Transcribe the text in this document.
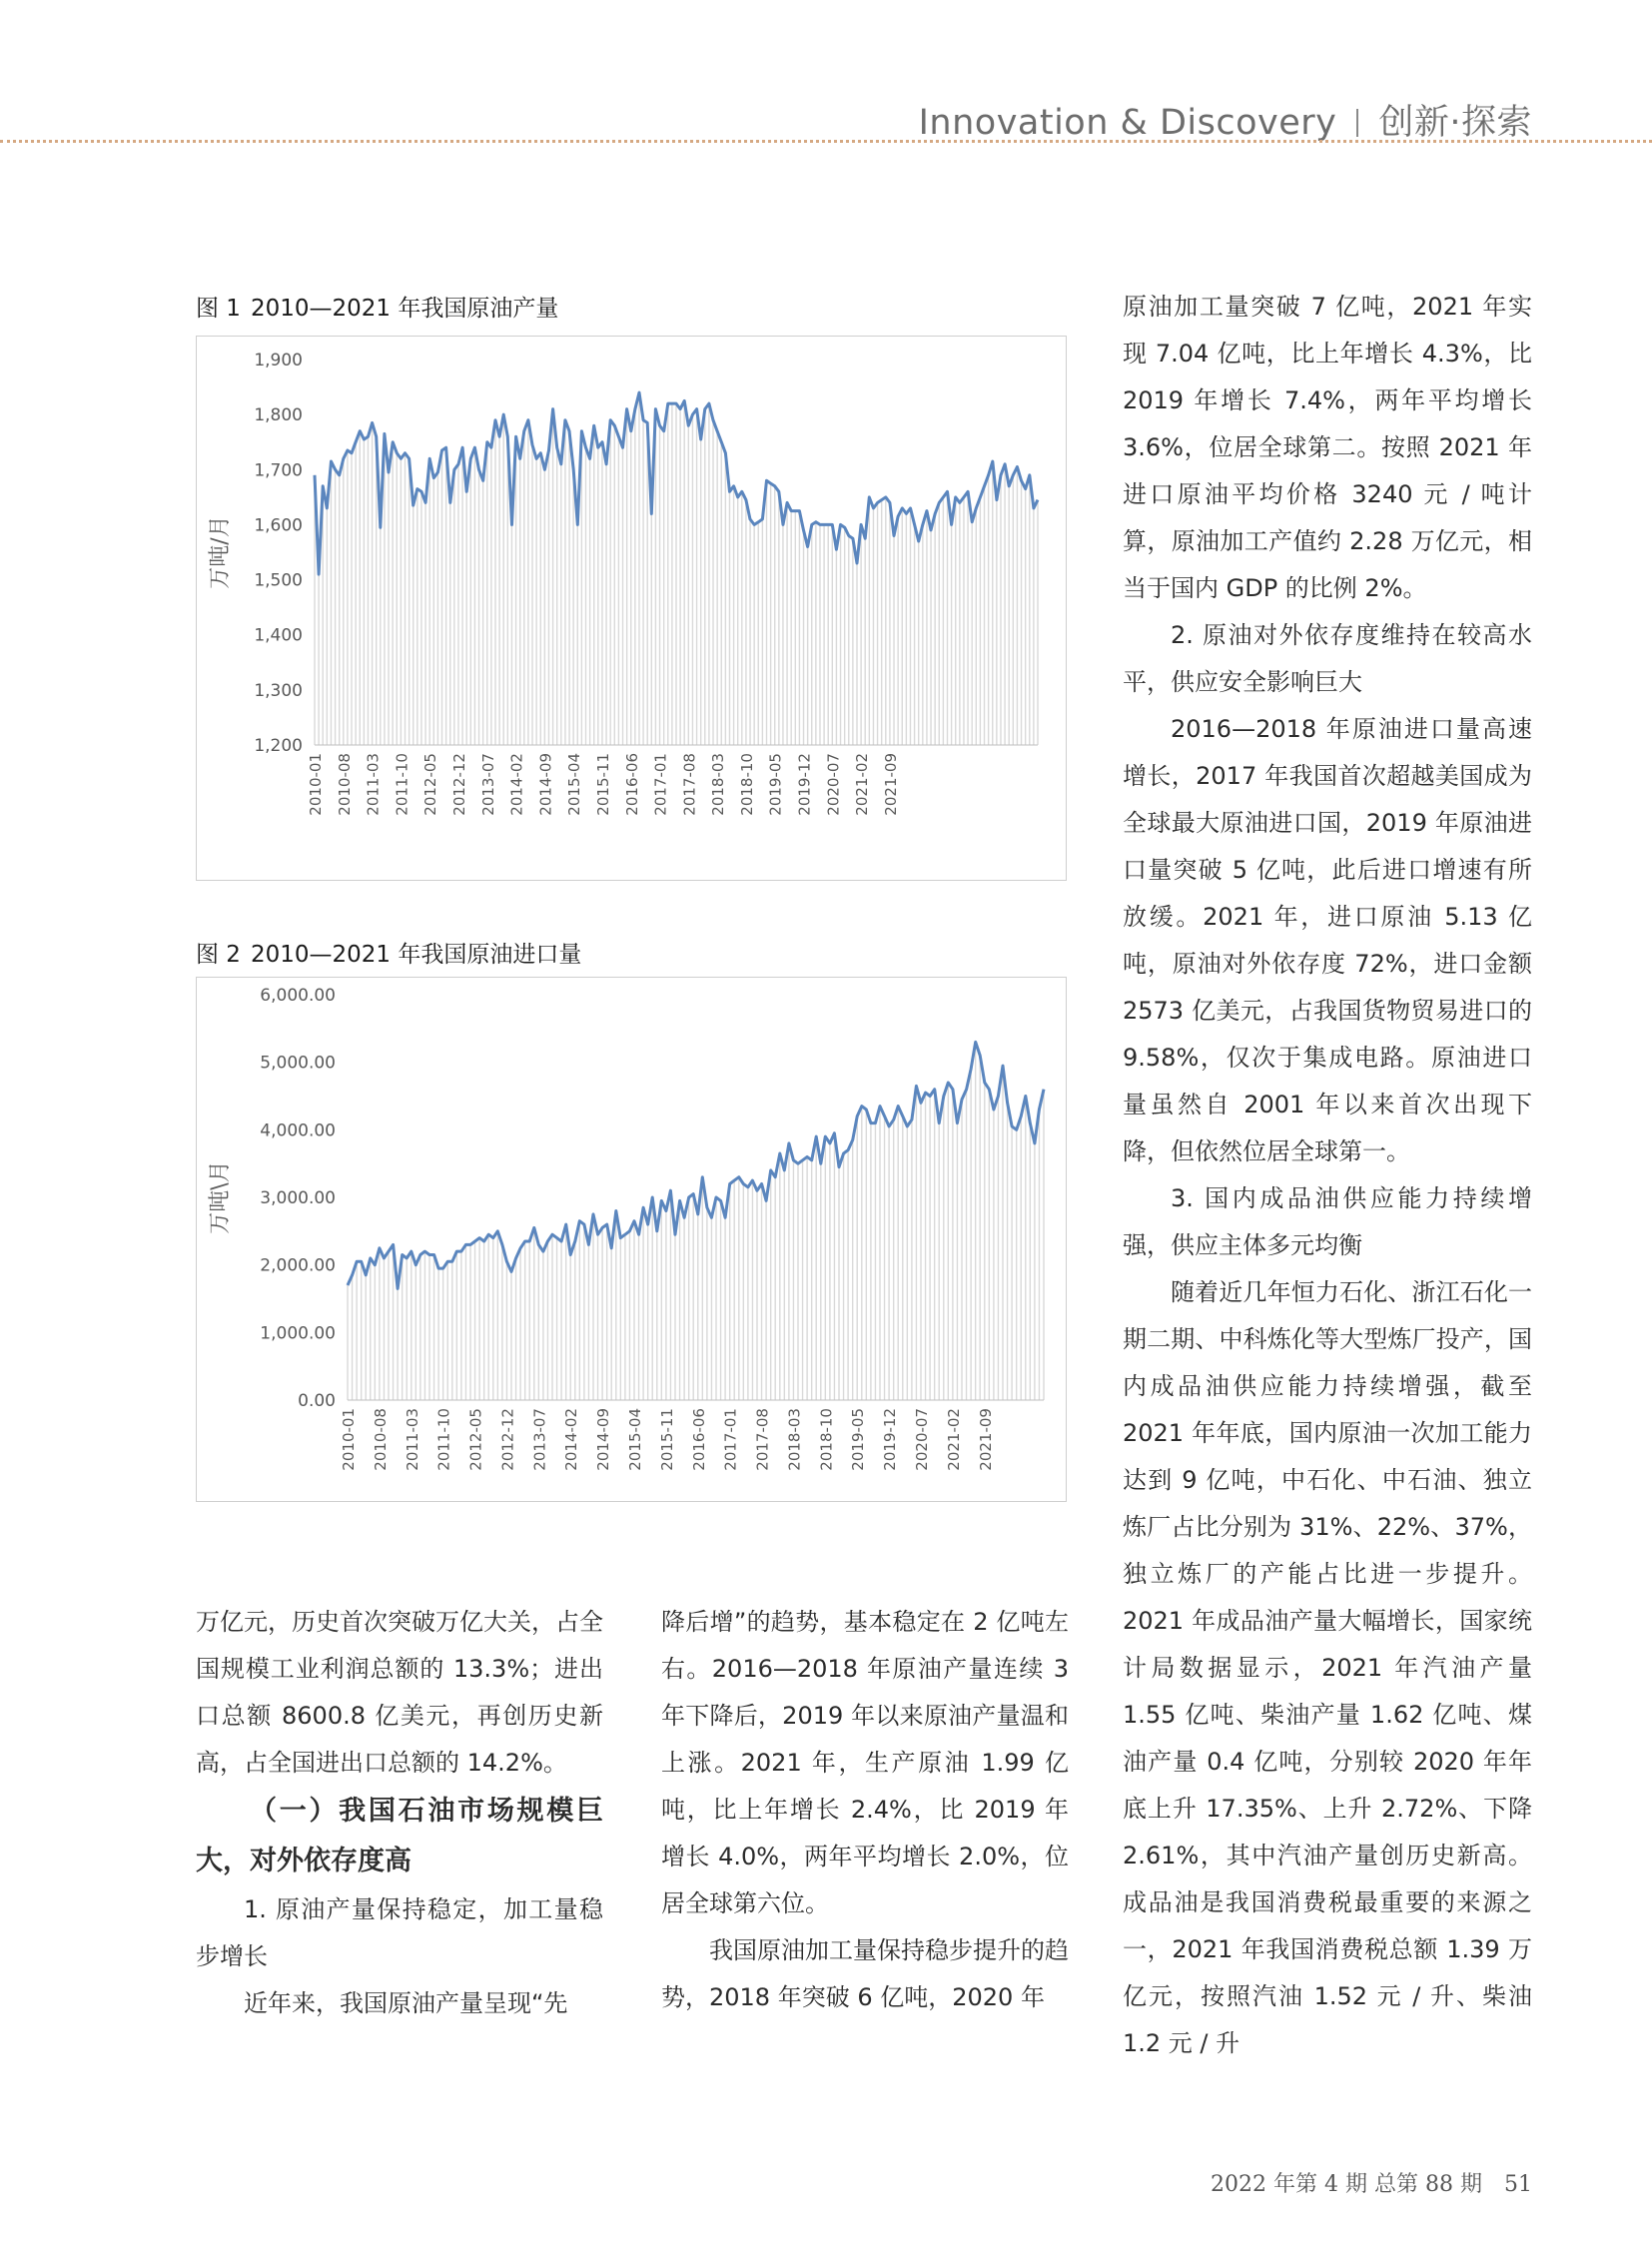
Innovation & Discovery 创新·探索
图 1 2010—2021 年我国原油产量
1,900
1,800
1,700
1,600
1,500
1,400
1,300
1,200
2010-01 2010-08 2011-03 2011-10 2012-05 2012-12 2013-07 2014-02 2014-09 2015-04 2015-11 2016-06 2017-01 2017-08 2018-03 2018-10 2019-05 2019-12 2020-07 2021-02 2021-09
万吨/月
图 2 2010—2021 年我国原油进口量
6,000.00
5,000.00
4,000.00
3,000.00
2,000.00
1,000.00
0.00
2010-01 2010-08 2011-03 2011-10 2012-05 2012-12 2013-07 2014-02 2014-09 2015-04 2015-11 2016-06 2017-01 2017-08 2018-03 2018-10 2019-05 2019-12 2020-07 2021-02 2021-09
万吨\月

万亿元，历史首次突破万亿大关，占全国规模工业利润总额的 13.3%；进出口总额 8600.8 亿美元，再创历史新高，占全国进出口总额的 14.2%。

（一）我国石油市场规模巨大，对外依存度高

1. 原油产量保持稳定，加工量稳步增长

近年来，我国原油产量呈现“先

降后增”的趋势，基本稳定在 2 亿吨左右。2016—2018 年原油产量连续 3 年下降后，2019 年以来原油产量温和上涨。2021 年，生产原油 1.99 亿吨，比上年增长 2.4%，比 2019 年增长 4.0%，两年平均增长 2.0%，位居全球第六位。

我国原油加工量保持稳步提升的趋势，2018 年突破 6 亿吨，2020 年

原油加工量突破 7 亿吨，2021 年实现 7.04 亿吨，比上年增长 4.3%，比 2019 年增长 7.4%，两年平均增长 3.6%，位居全球第二。按照 2021 年进口原油平均价格 3240 元 / 吨计算，原油加工产值约 2.28 万亿元，相当于国内 GDP 的比例 2%。

2. 原油对外依存度维持在较高水平，供应安全影响巨大

2016—2018 年原油进口量高速增长，2017 年我国首次超越美国成为全球最大原油进口国，2019 年原油进口量突破 5 亿吨，此后进口增速有所放缓。2021 年，进口原油 5.13 亿吨，原油对外依存度 72%，进口金额 2573 亿美元，占我国货物贸易进口的 9.58%，仅次于集成电路。原油进口量虽然自 2001 年以来首次出现下降，但依然位居全球第一。

3. 国内成品油供应能力持续增强，供应主体多元均衡

随着近几年恒力石化、浙江石化一期二期、中科炼化等大型炼厂投产，国内成品油供应能力持续增强，截至 2021 年年底，国内原油一次加工能力达到 9 亿吨，中石化、中石油、独立炼厂占比分别为 31%、22%、37%，独立炼厂的产能占比进一步提升。2021 年成品油产量大幅增长，国家统计局数据显示，2021 年汽油产量 1.55 亿吨、柴油产量 1.62 亿吨、煤油产量 0.4 亿吨，分别较 2020 年年底上升 17.35%、上升 2.72%、下降 2.61%，其中汽油产量创历史新高。成品油是我国消费税最重要的来源之一，2021 年我国消费税总额 1.39 万亿元，按照汽油 1.52 元 / 升、柴油 1.2 元 / 升

2022 年第 4 期 总第 88 期 51
